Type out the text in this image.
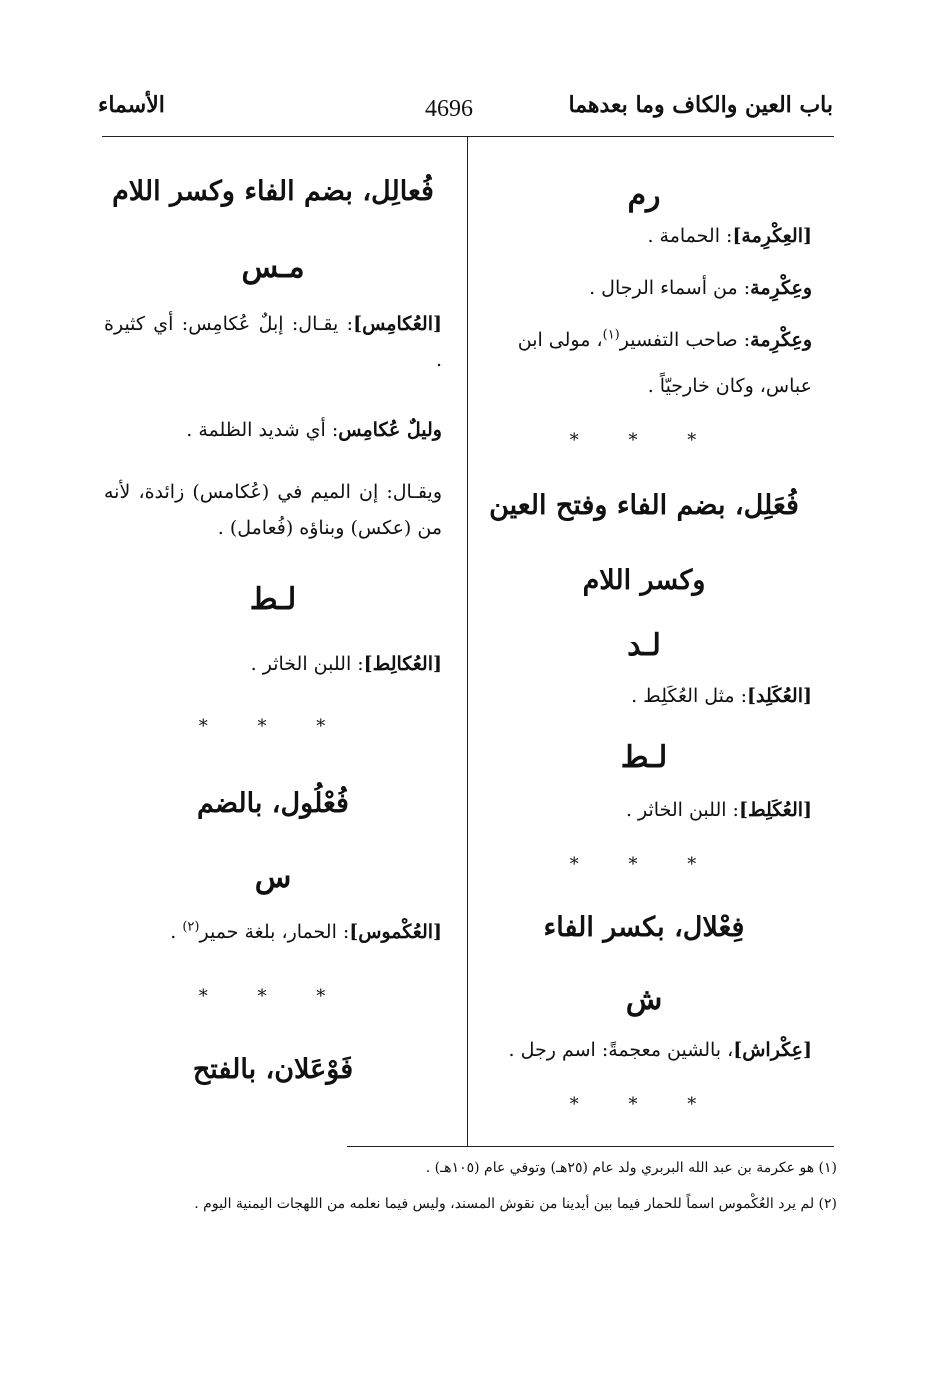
باب العين والكاف وما بعدهما
4696
الأسماء
رم
[العِكْرِمة]: الحمامة .
وعِكْرِمة: من أسماء الرجال .
وعِكْرِمة: صاحب التفسير$^{(١)}$، مولى ابن
عباس، وكان خارجيّاً .
* * *
فُعَلِل، بضم الفاء وفتح العين
وكسر اللام
لـد
[العُكَلِد]: مثل العُكَلِط .
لـط
[العُكَلِط]: اللبن الخاثر .
* * *
فِعْلال، بكسر الفاء
ش
[عِكْراش]، بالشين معجمةً: اسم رجل .
* * *
فُعالِل، بضم الفاء وكسر اللام
مـس
[العُكامِس]: يقـال: إبلٌ عُكامِس: أي كثيرة .
وليلٌ عُكامِس: أي شديد الظلمة .
ويقـال: إن الميم في (عُكامس) زائدة، لأنه من (عكس) وبناؤه (فُعامل) .
لـط
[العُكالِط]: اللبن الخاثر .
* * *
فُعْلُول، بالضم
س
[العُكْموس]: الحمار، بلغة حمير$^{(٢)}$ .
* * *
فَوْعَلان، بالفتح
(١) هو عكرمة بن عبد الله البربري ولد عام (٢٥هـ) وتوفي عام (١٠٥هـ) .
(٢) لم يرد العُكْموس اسماً للحمار فيما بين أيدينا من نقوش المسند، وليس فيما نعلمه من اللهجات اليمنية اليوم .
